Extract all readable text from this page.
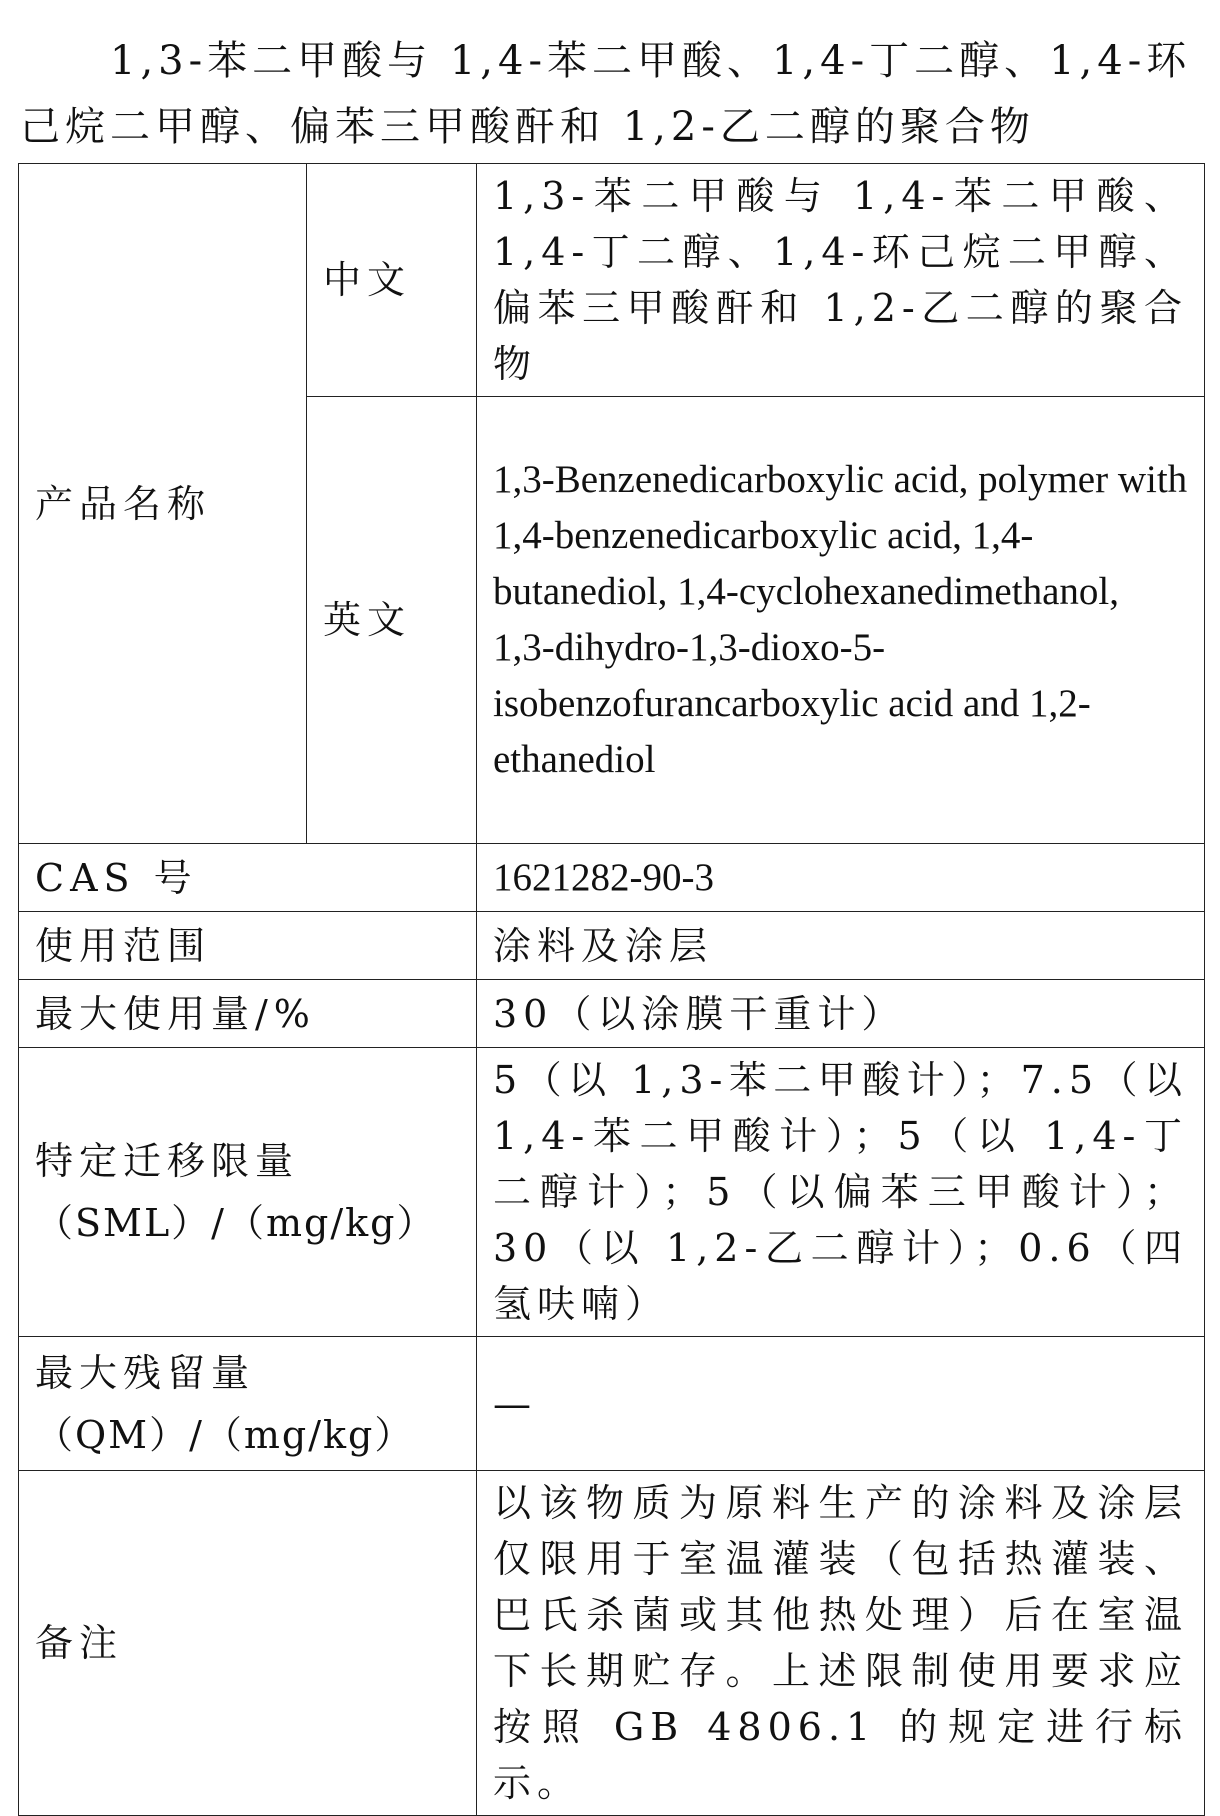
1,3-苯二甲酸与 1,4-苯二甲酸、1,4-丁二醇、1,4-环己烷二甲醇、偏苯三甲酸酐和 1,2-乙二醇的聚合物

产品名称	中文	1,3-苯二甲酸与 1,4-苯二甲酸、1,4-丁二醇、1,4-环己烷二甲醇、偏苯三甲酸酐和 1,2-乙二醇的聚合物
	英文	1,3-Benzenedicarboxylic acid, polymer with 1,4-benzenedicarboxylic acid, 1,4-butanediol, 1,4-cyclohexanedimethanol, 1,3-dihydro-1,3-dioxo-5-isobenzofurancarboxylic acid and 1,2-ethanediol
CAS 号		1621282-90-3
使用范围		涂料及涂层
最大使用量/%		30（以涂膜干重计）

特定迁移限量
（SML）/（mg/kg）		5（以 1,3-苯二甲酸计）；7.5（以 1,4-苯二甲酸计）；5（以 1,4-丁二醇计）；5（以偏苯三甲酸计）；30（以 1,2-乙二醇计）；0.6（四氢呋喃）

最大残留量
（QM）/（mg/kg）		—
备注		以该物质为原料生产的涂料及涂层仅限用于室温灌装（包括热灌装、巴氏杀菌或其他热处理）后在室温下长期贮存。上述限制使用要求应按照 GB 4806.1 的规定进行标示。
